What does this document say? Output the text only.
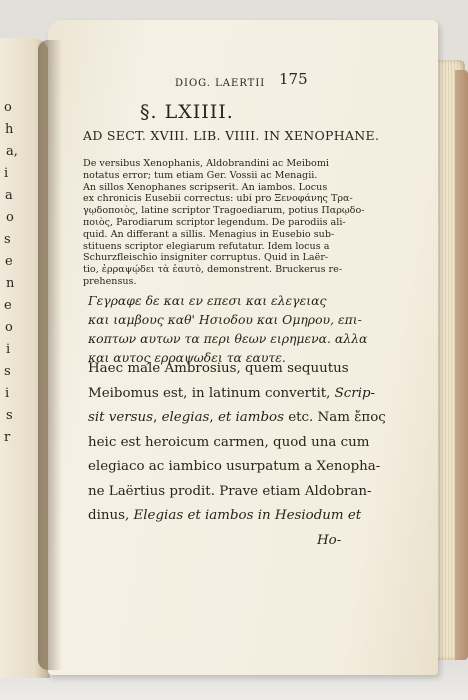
o
h
a,
i
a
o
s
e
n
e
o
i
s
i
s
r
DIOG. LAERTII 175
§. LXIIII.
AD SECT. XVIII. LIB. VIIII. IN XENOPHANE.
De versibus Xenophanis, Aldobrandini ac Meibomi
notatus error; tum etiam Ger. Vossii ac Menagii.
An sillos Xenophanes scripserit. An iambos. Locus
ex chronicis Eusebii correctus: ubi pro Ξενοφάνης Τρα-
γῳδοποιὸς, latine scriptor Tragoediarum, potius Παρῳδο-
ποιὸς, Parodiarum scriptor legendum. De parodiis ali-
quid. An differant a sillis. Menagius in Eusebio sub-
stituens scriptor elegiarum refutatur. Idem locus a
Schurzfleischio insigniter corruptus. Quid in Laër-
tio, ἐρραψῴδει τὰ ἑαυτὸ, demonstrent. Bruckerus re-
prehensus.
Γεγραφε δε και εν επεσι και ελεγειας
και ιαμβους καθ' Ησιοδου και Ομηρου, επι-
κοπτων αυτων τα περι θεων ειρημενα. αλλα
και αυτος ερραψωδει τα εαυτε.
Haec male Ambrosius, quem sequutus
Meibomus est, in latinum convertit, Scrip-
sit versus, elegias, et iambos etc. Nam ἔπος
heic est heroicum carmen, quod una cum
elegiaco ac iambico usurpatum a Xenopha-
ne Laërtius prodit. Prave etiam Aldobran-
dinus, Elegias et iambos in Hesiodum et
Ho-
